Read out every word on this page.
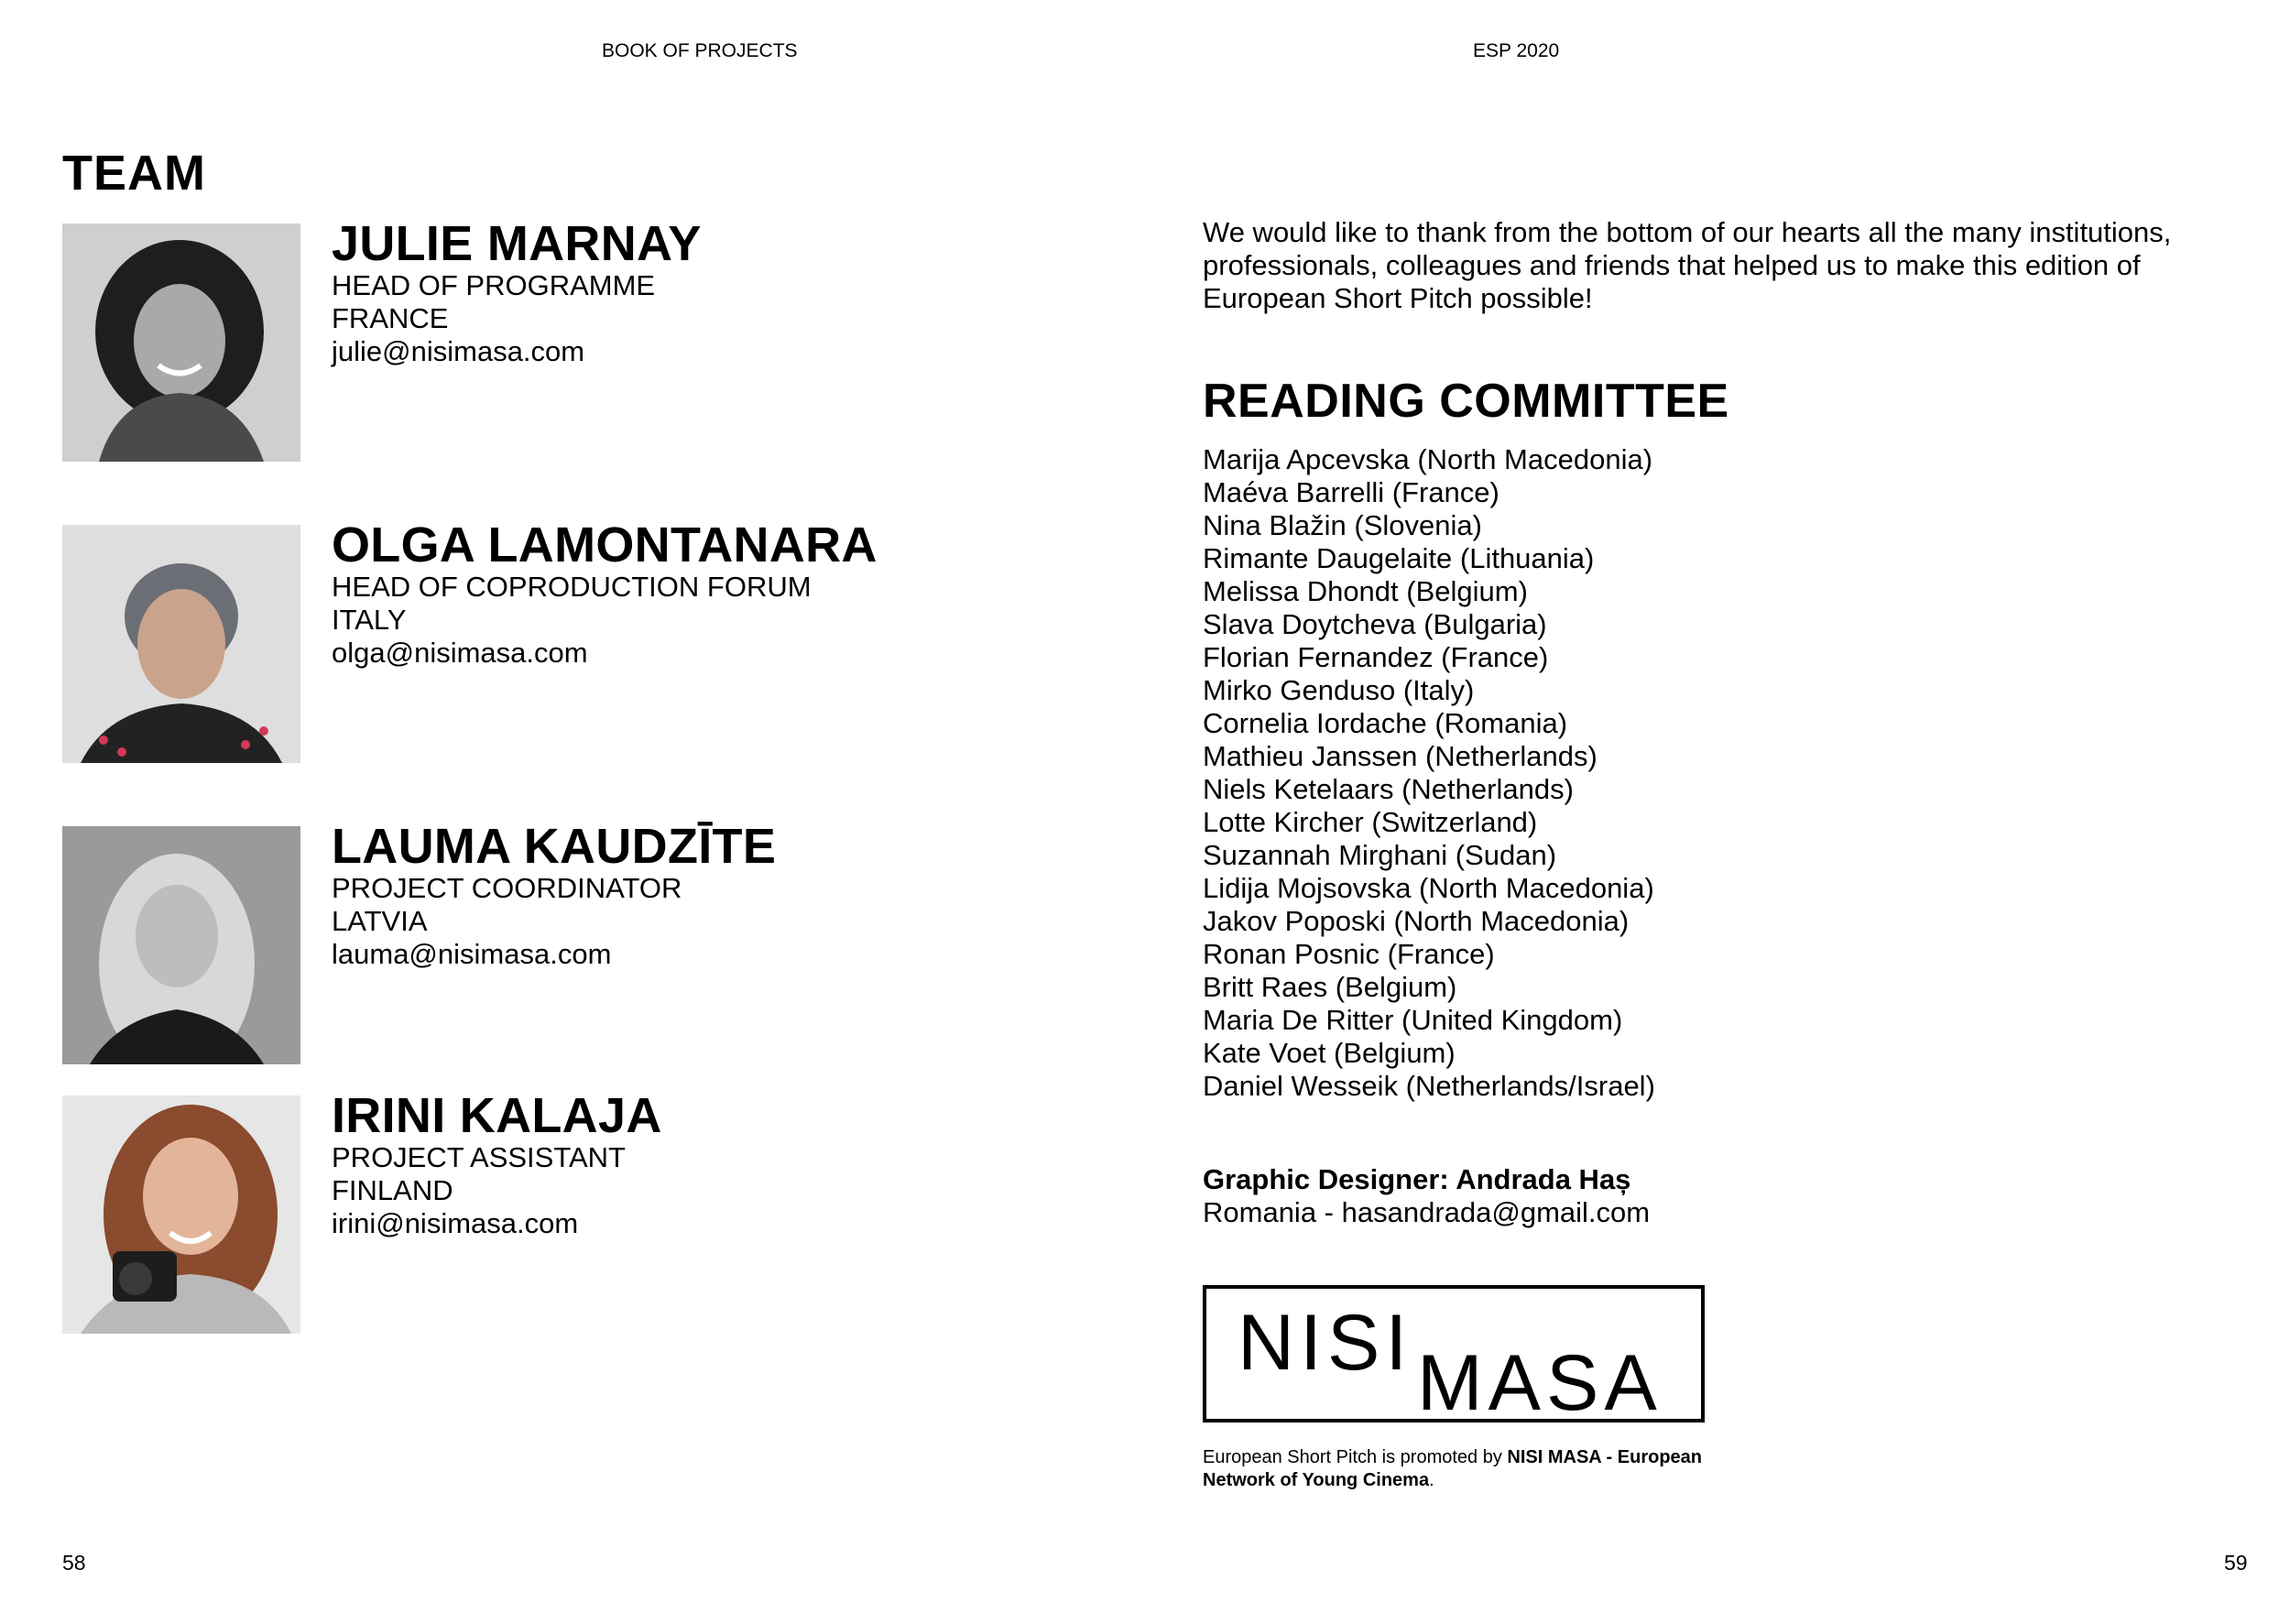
BOOK OF PROJECTS	ESP 2020
TEAM
JULIE MARNAY
HEAD OF PROGRAMME
FRANCE
julie@nisimasa.com
OLGA LAMONTANARA
HEAD OF COPRODUCTION FORUM
ITALY
olga@nisimasa.com
LAUMA KAUDZĪTE
PROJECT COORDINATOR
LATVIA
lauma@nisimasa.com
IRINI KALAJA
PROJECT ASSISTANT
FINLAND
irini@nisimasa.com
We would like to thank from the bottom of our hearts all the many institutions, professionals, colleagues and friends that helped us to make this edition of European Short Pitch possible!
READING COMMITTEE
Marija Apcevska (North Macedonia)
Maéva Barrelli (France)
Nina Blažin (Slovenia)
Rimante Daugelaite (Lithuania)
Melissa Dhondt (Belgium)
Slava Doytcheva (Bulgaria)
Florian Fernandez (France)
Mirko Genduso (Italy)
Cornelia Iordache (Romania)
Mathieu Janssen (Netherlands)
Niels Ketelaars (Netherlands)
Lotte Kircher (Switzerland)
Suzannah Mirghani (Sudan)
Lidija Mojsovska (North Macedonia)
Jakov Poposki (North Macedonia)
Ronan Posnic (France)
Britt Raes (Belgium)
Maria De Ritter (United Kingdom)
Kate Voet (Belgium)
Daniel Wesseik (Netherlands/Israel)
Graphic Designer: Andrada Haș
Romania - hasandrada@gmail.com
NISI MASA
European Short Pitch is promoted by NISI MASA - European Network of Young Cinema.
58	59
